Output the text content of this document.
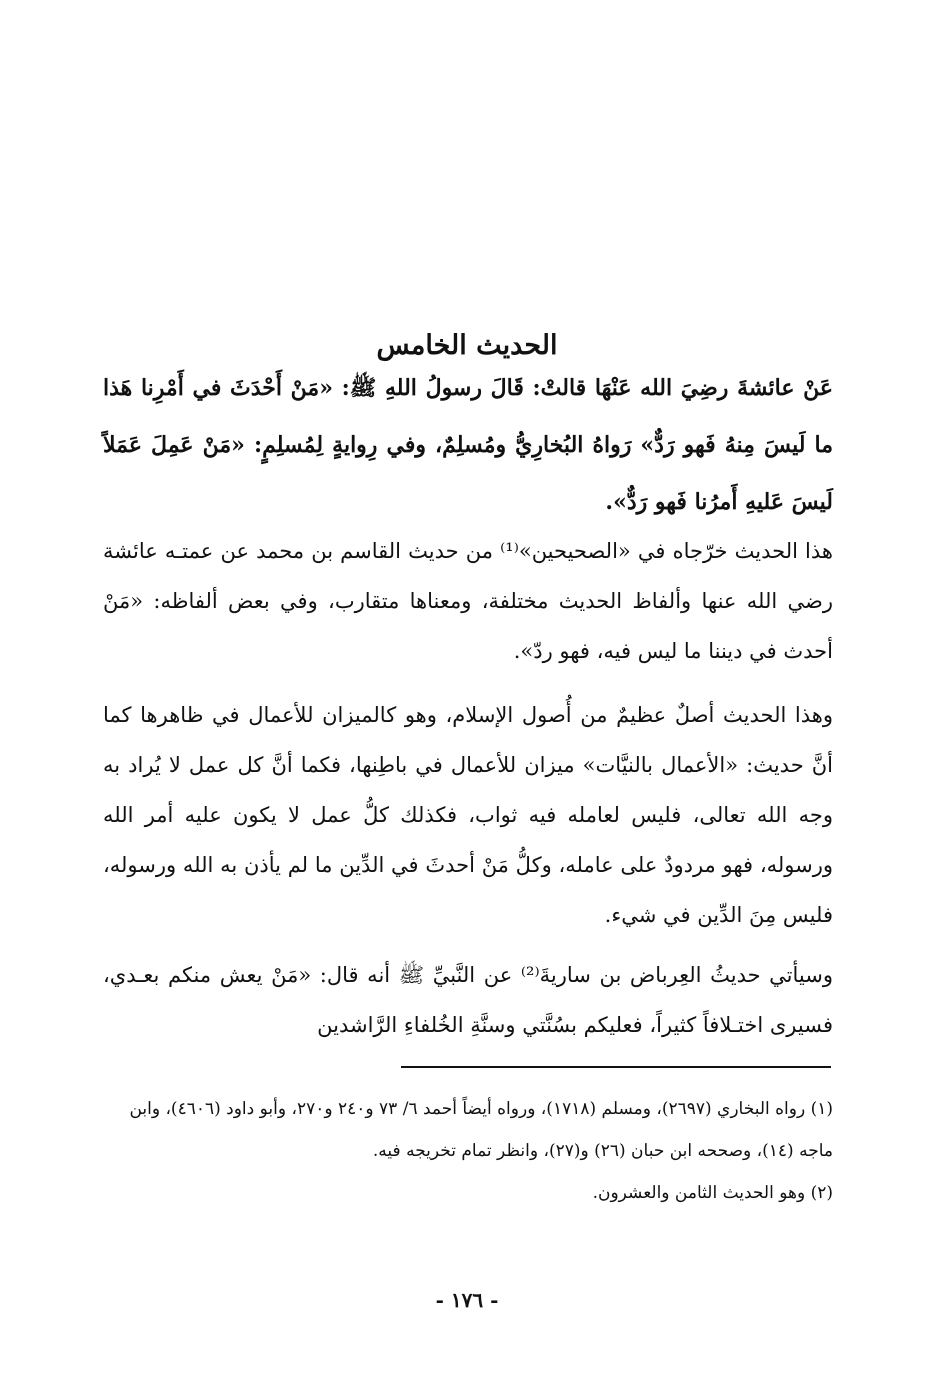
الحديث الخامس

عَنْ عائشةَ رضِيَ الله عَنْهَا قالتْ: قَالَ رسولُ اللهِ ﷺ: «مَنْ أَحْدَثَ في أَمْرِنا هَذا ما لَيسَ مِنهُ فَهو رَدٌّ» رَواهُ البُخارِيُّ ومُسلِمٌ، وفي رِوايةٍ لِمُسلِمٍ: «مَنْ عَمِلَ عَمَلاً لَيسَ عَليهِ أَمرُنا فَهو رَدٌّ».

هذا الحديث خرّجاه في «الصحيحين»⁽¹⁾ من حديث القاسم بن محمد عن عمتـه عائشة رضي الله عنها وألفاظ الحديث مختلفة، ومعناها متقارب، وفي بعض ألفاظه: «مَنْ أحدث في ديننا ما ليس فيه، فهو ردّ».

وهذا الحديث أصلٌ عظيمٌ من أُصول الإسلام، وهو كالميزان للأعمال في ظاهرها كما أنَّ حديث: «الأعمال بالنيَّات» ميزان للأعمال في باطِنها، فكما أنَّ كل عمل لا يُراد به وجه الله تعالى، فليس لعامله فيه ثواب، فكذلك كلُّ عمل لا يكون عليه أمر الله ورسوله، فهو مردودٌ على عامله، وكلُّ مَنْ أحدثَ في الدِّين ما لم يأذن به الله ورسوله، فليس مِنَ الدِّين في شيء.

وسيأتي حديثُ العِرباض بن ساريةَ⁽²⁾ عن النَّبيِّ ﷺ أنه قال: «مَنْ يعش منكم بعـدي، فسيرى اختـلافاً كثيراً، فعليكم بسُنَّتي وسنَّةِ الخُلفاءِ الرَّاشدين

(١) رواه البخاري (٢٦٩٧)، ومسلم (١٧١٨)، ورواه أيضاً أحمد ٦/ ٧٣ و٢٤٠ و٢٧٠، وأبو داود (٤٦٠٦)، وابن ماجه (١٤)، وصححه ابن حبان (٢٦) و(٢٧)، وانظر تمام تخريجه فيه.

(٢) وهو الحديث الثامن والعشرون.

- ١٧٦ -
